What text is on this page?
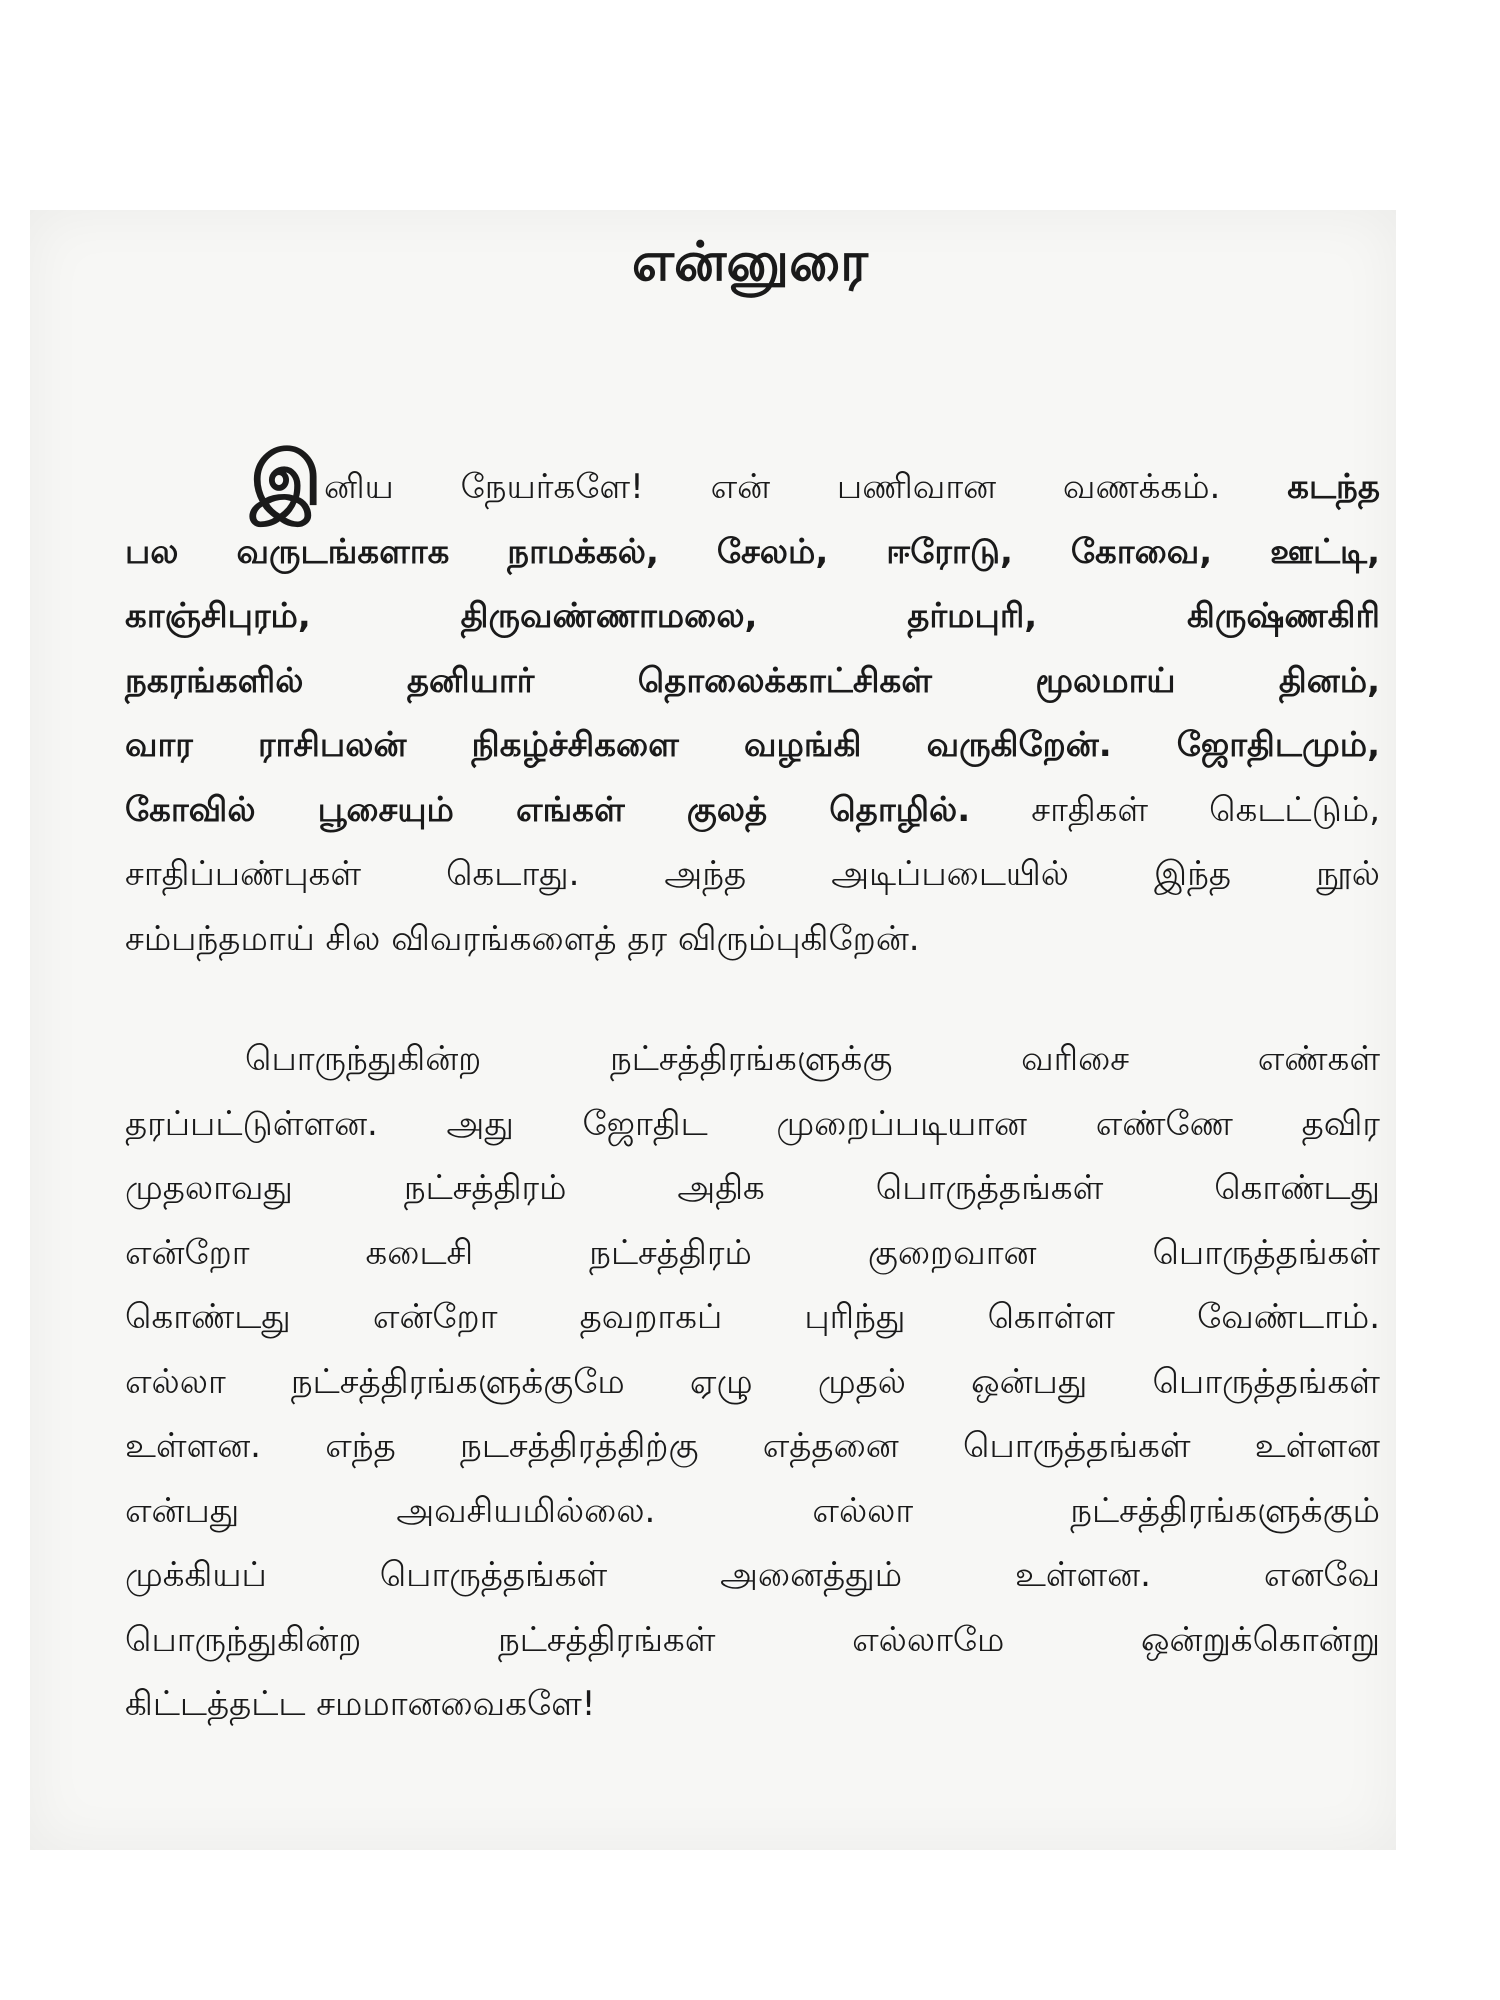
என்னுரை
இனிய நேயர்களே! என் பணிவான வணக்கம். கடந்த
பல வருடங்களாக நாமக்கல், சேலம், ஈரோடு, கோவை, ஊட்டி,
காஞ்சிபுரம், திருவண்ணாமலை, தர்மபுரி, கிருஷ்ணகிரி
நகரங்களில் தனியார் தொலைக்காட்சிகள் மூலமாய் தினம்,
வார ராசிபலன் நிகழ்ச்சிகளை வழங்கி வருகிறேன். ஜோதிடமும்,
கோவில் பூசையும் எங்கள் குலத் தொழில். சாதிகள் கெடட்டும்,
சாதிப்பண்புகள் கெடாது. அந்த அடிப்படையில் இந்த நூல்
சம்பந்தமாய் சில விவரங்களைத் தர விரும்புகிறேன்.
பொருந்துகின்ற நட்சத்திரங்களுக்கு வரிசை எண்கள்
தரப்பட்டுள்ளன. அது ஜோதிட முறைப்படியான எண்ணே தவிர
முதலாவது நட்சத்திரம் அதிக பொருத்தங்கள் கொண்டது
என்றோ கடைசி நட்சத்திரம் குறைவான பொருத்தங்கள்
கொண்டது என்றோ தவறாகப் புரிந்து கொள்ள வேண்டாம்.
எல்லா நட்சத்திரங்களுக்குமே ஏழு முதல் ஒன்பது பொருத்தங்கள்
உள்ளன. எந்த நடசத்திரத்திற்கு எத்தனை பொருத்தங்கள் உள்ளன
என்பது அவசியமில்லை. எல்லா நட்சத்திரங்களுக்கும்
முக்கியப் பொருத்தங்கள் அனைத்தும் உள்ளன. எனவே
பொருந்துகின்ற நட்சத்திரங்கள் எல்லாமே ஒன்றுக்கொன்று
கிட்டத்தட்ட சமமானவைகளே!
